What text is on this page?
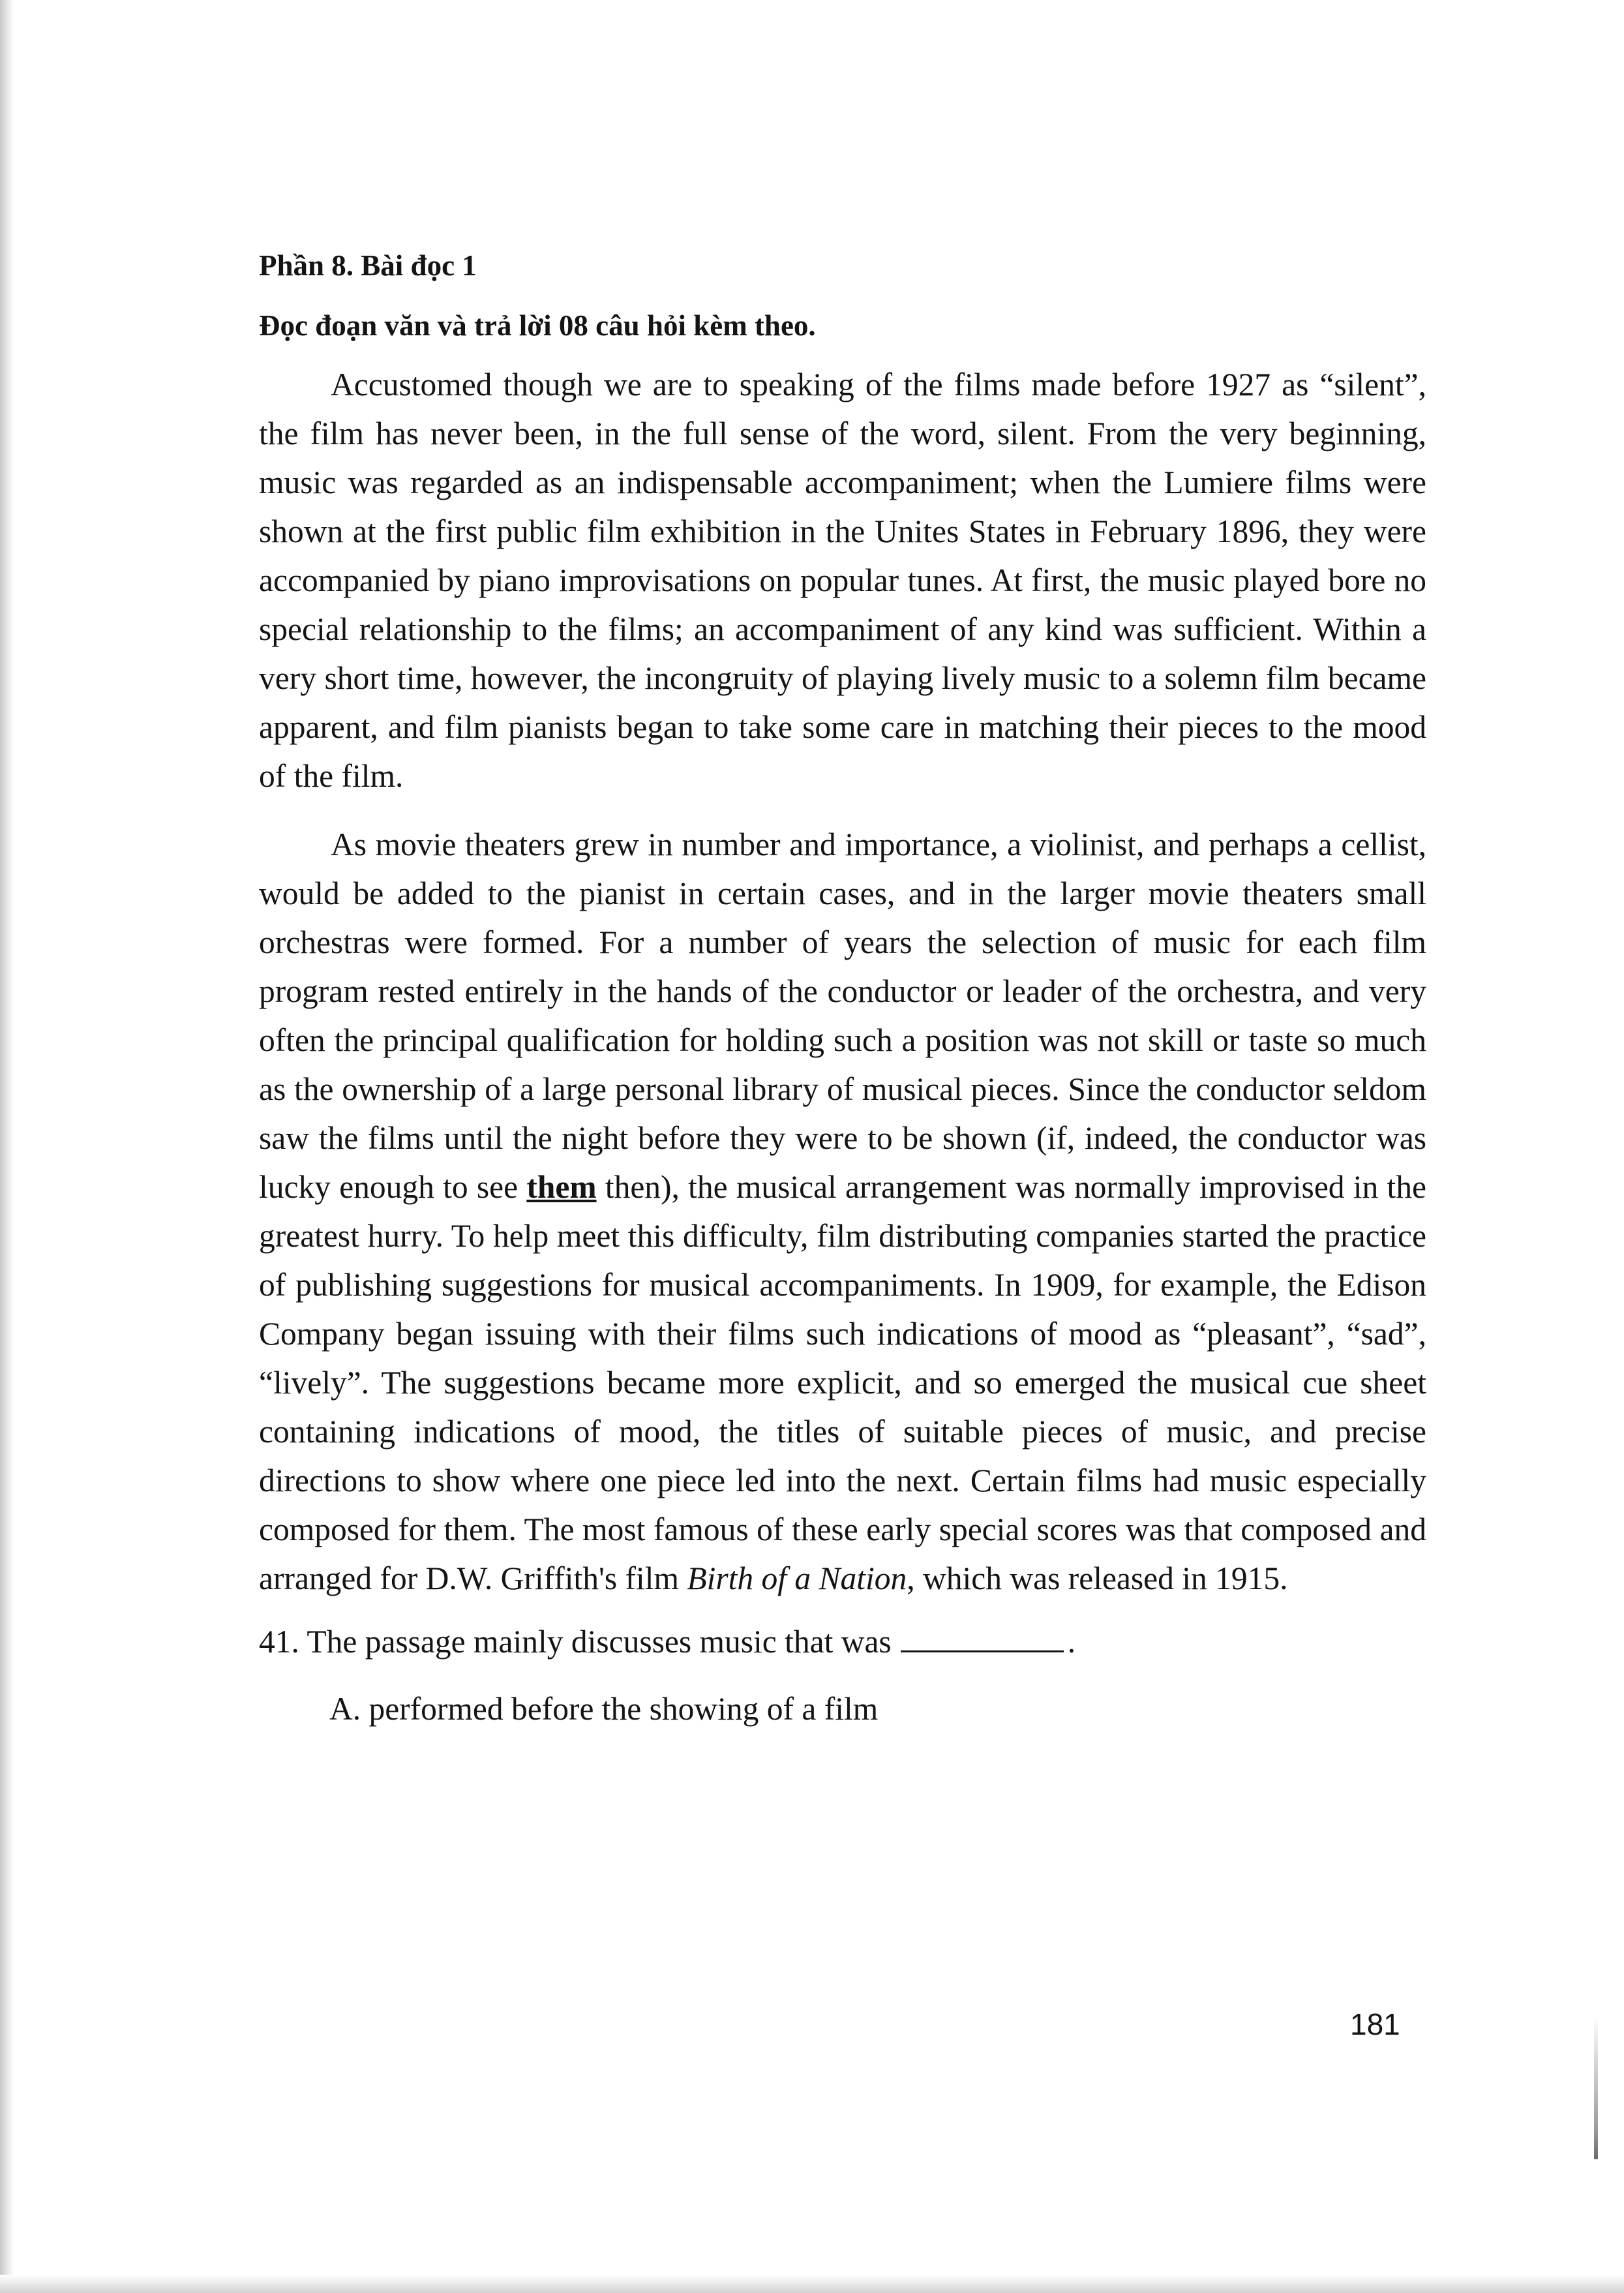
Phần 8. Bài đọc 1
Đọc đoạn văn và trả lời 08 câu hỏi kèm theo.

Accustomed though we are to speaking of the films made before 1927 as “silent”, the film has never been, in the full sense of the word, silent. From the very beginning, music was regarded as an indispensable accompaniment; when the Lumiere films were shown at the first public film exhibition in the Unites States in February 1896, they were accompanied by piano improvisations on popular tunes. At first, the music played bore no special relationship to the films; an accompaniment of any kind was sufficient. Within a very short time, however, the incongruity of playing lively music to a solemn film became apparent, and film pianists began to take some care in matching their pieces to the mood of the film.

As movie theaters grew in number and importance, a violinist, and perhaps a cellist, would be added to the pianist in certain cases, and in the larger movie theaters small orchestras were formed. For a number of years the selection of music for each film program rested entirely in the hands of the conductor or leader of the orchestra, and very often the principal qualification for holding such a position was not skill or taste so much as the ownership of a large personal library of musical pieces. Since the conductor seldom saw the films until the night before they were to be shown (if, indeed, the conductor was lucky enough to see them then), the musical arrangement was normally improvised in the greatest hurry. To help meet this difficulty, film distributing companies started the practice of publishing suggestions for musical accompaniments. In 1909, for example, the Edison Company began issuing with their films such indications of mood as “pleasant”, “sad”, “lively”. The suggestions became more explicit, and so emerged the musical cue sheet containing indications of mood, the titles of suitable pieces of music, and precise directions to show where one piece led into the next. Certain films had music especially composed for them. The most famous of these early special scores was that composed and arranged for D.W. Griffith's film Birth of a Nation, which was released in 1915.

41. The passage mainly discusses music that was	.

A. performed before the showing of a film

181
